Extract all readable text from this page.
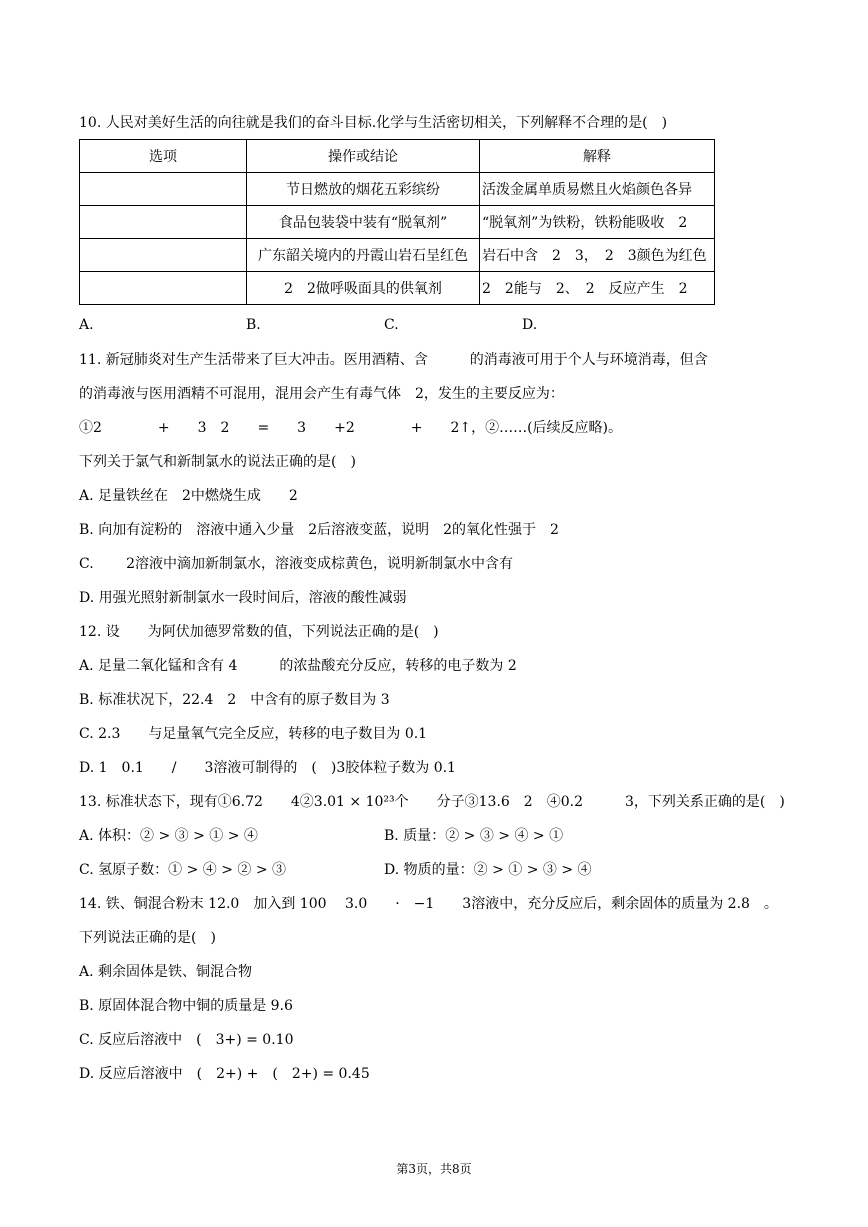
10. 人民对美好生活的向往就是我们的奋斗目标.化学与生活密切相关，下列解释不合理的是(　)
选项	操作或结论	解释
	节日燃放的烟花五彩缤纷	活泼金属单质易燃且火焰颜色各异
	食品包装袋中装有“脱氧剂”	“脱氧剂”为铁粉，铁粉能吸收　2
	广东韶关境内的丹霞山岩石呈红色	岩石中含　2　3，　2　3颜色为红色
	2　2做呼吸面具的供氧剂	2　2能与　2、　2　反应产生　2
A.	B.	C.	D.
11. 新冠肺炎对生产生活带来了巨大冲击。医用酒精、含　　　的消毒液可用于个人与环境消毒，但含
的消毒液与医用酒精不可混用，混用会产生有毒气体　2，发生的主要反应为：
①2　　　　+　　3　2　　=　　3　　+2　　　　+　　2↑，②……(后续反应略)。
下列关于氯气和新制氯水的说法正确的是(　)
A. 足量铁丝在　2中燃烧生成　　2
B. 向加有淀粉的　溶液中通入少量　2后溶液变蓝，说明　2的氧化性强于　2
C. 　　2溶液中滴加新制氯水，溶液变成棕黄色，说明新制氯水中含有
D. 用强光照射新制氯水一段时间后，溶液的酸性减弱
12. 设　　为阿伏加德罗常数的值，下列说法正确的是(　)
A. 足量二氧化锰和含有 4　　　的浓盐酸充分反应，转移的电子数为 2
B. 标准状况下，22.4　2　中含有的原子数目为 3
C. 2.3　　与足量氧气完全反应，转移的电子数目为 0.1
D. 1　0.1　　/　　3溶液可制得的　(　)3胶体粒子数为 0.1
13. 标准状态下，现有①6.72　　4②3.01 × 10²³个　　分子③13.6　2　④0.2　　　3，下列关系正确的是(　)
A. 体积：② > ③ > ① > ④	B. 质量：② > ③ > ④ > ①
C. 氢原子数：① > ④ > ② > ③	D. 物质的量：② > ① > ③ > ④
14. 铁、铜混合粉末 12.0　加入到 100　 3.0　　·　−1　　3溶液中，充分反应后，剩余固体的质量为 2.8　。
下列说法正确的是(　)
A. 剩余固体是铁、铜混合物
B. 原固体混合物中铜的质量是 9.6
C. 反应后溶液中　(　3+) = 0.10
D. 反应后溶液中　(　2+) +　(　2+) = 0.45
第3页，共8页
